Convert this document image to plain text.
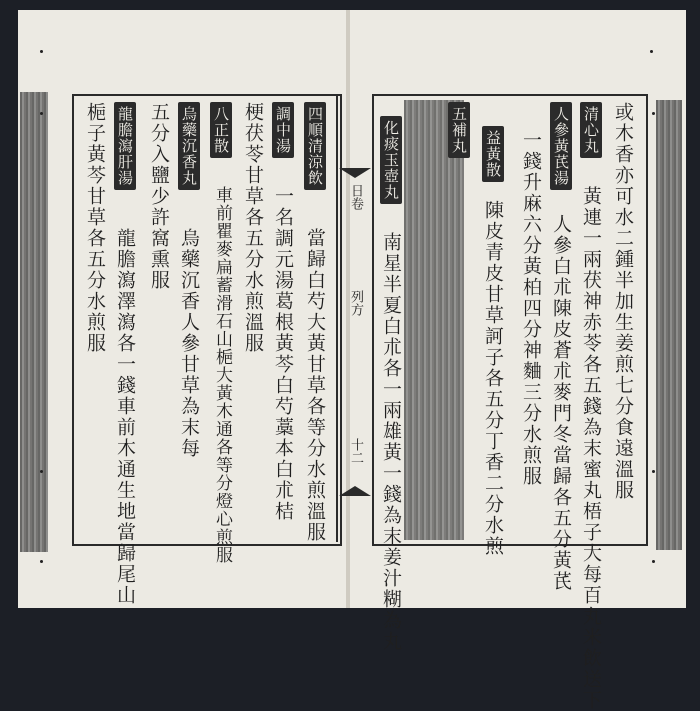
日卷
列方
十二	或木香亦可水二鍾半加生姜煎七分食遠溫服
清心丸
黃連一兩茯神赤苓各五錢為末蜜丸梧子大每百丸米飲送下
人參黃芪湯
人參白朮陳皮蒼朮麥門冬當歸各五分黃芪
一錢升麻六分黃柏四分神麯三分水煎服
益黃散
陳皮青皮甘草訶子各五分丁香二分水煎
五補丸
化痰玉壺丸
南星半夏白朮各一兩雄黃一錢為末姜汁糊為丸
四順清涼飲
當歸白芍大黃甘草各等分水煎溫服
調中湯
一名調元湯葛根黃芩白芍藁本白朮桔
梗茯苓甘草各五分水煎溫服
八正散
車前瞿麥扁蓄滑石山梔大黃木通各等分燈心煎服
烏藥沉香丸
烏藥沉香人參甘草為末每
五分入鹽少許窩熏服
龍膽瀉肝湯
龍膽瀉澤瀉各一錢車前木通生地當歸尾山
梔子黃芩甘草各五分水煎服
